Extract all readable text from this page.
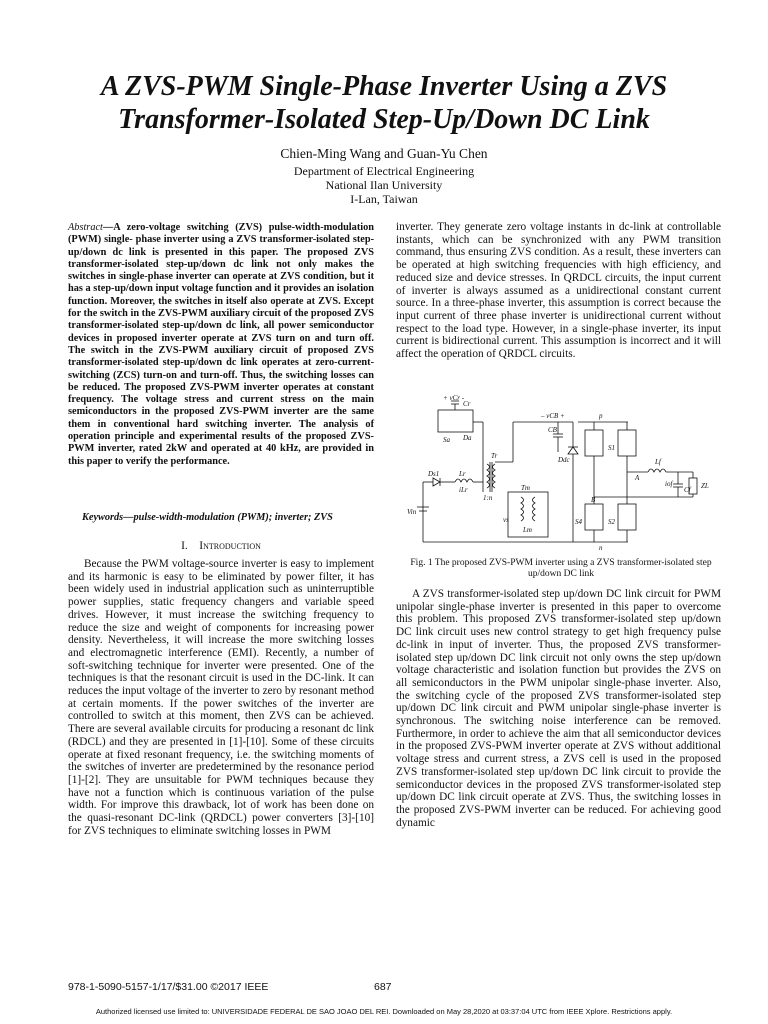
A ZVS-PWM Single-Phase Inverter Using a ZVS Transformer-Isolated Step-Up/Down DC Link
Chien-Ming Wang and Guan-Yu Chen
Department of Electrical Engineering
National Ilan University
I-Lan, Taiwan
Abstract—A zero-voltage switching (ZVS) pulse-width-modulation (PWM) single- phase inverter using a ZVS transformer-isolated step-up/down dc link is presented in this paper. The proposed ZVS transformer-isolated step-up/down dc link not only makes the switches in single-phase inverter can operate at ZVS condition, but it has a step-up/down input voltage function and it provides an isolation function. Moreover, the switches in itself also operate at ZVS. Except for the switch in the ZVS-PWM auxiliary circuit of the proposed ZVS transformer-isolated step-up/down dc link, all power semiconductor devices in proposed inverter operate at ZVS turn on and turn off. The switch in the ZVS-PWM auxiliary circuit of proposed ZVS transformer-isolated step-up/down dc link operates at zero-current-switching (ZCS) turn-on and turn-off. Thus, the switching losses can be reduced. The proposed ZVS-PWM inverter operates at constant frequency. The voltage stress and current stress on the main semiconductors in the proposed ZVS-PWM inverter are the same them in conventional hard switching inverter. The analysis of operation principle and experimental results of the proposed ZVS-PWM inverter, rated 2kW and operated at 40 kHz, are provided in this paper to verify the performance.
Keywords—pulse-width-modulation (PWM); inverter; ZVS
I. Introduction

Because the PWM voltage-source inverter is easy to implement and its harmonic is easy to be eliminated by power filter, it has been widely used in industrial application such as uninterruptible power supplies, static frequency changers and variable speed drives. However, it must increase the switching frequency to reduce the size and weight of components for increasing power density. Nevertheless, it will increase the more switching losses and electromagnetic interference (EMI). Recently, a number of soft-switching technique for inverter were presented. One of the techniques is that the resonant circuit is used in the DC-link. It can reduces the input voltage of the inverter to zero by resonant method at certain moments. If the power switches of the inverter are controlled to switch at this moment, then ZVS can be achieved. There are several available circuits for producing a resonant dc link (RDCL) and they are presented in [1]-[10]. Some of these circuits operate at fixed resonant frequency, i.e. the switching moments of the switches of inverter are predetermined by the resonance period [1]-[2]. They are unsuitable for PWM techniques because they have not a function which is continuous variation of the pulse width. For improve this drawback, lot of work has been done on the quasi-resonant DC-link (QRDCL) power converters [3]-[10] for ZVS techniques to eliminate switching losses in PWM

inverter. They generate zero voltage instants in dc-link at controllable instants, which can be synchronized with any PWM transition command, thus ensuring ZVS condition. As a result, these inverters can be operated at high switching frequencies with high efficiency, and reduced size and device stresses. In QRDCL circuits, the input current of inverter is always assumed as a unidirectional constant current source. In a three-phase inverter, this assumption is correct because the input current of three phase inverter is unidirectional current without respect to the load type. However, in a single-phase inverter, its input current is bidirectional current. This assumption is incorrect and it will affect the operation of QRDCL circuits.

+ vCr -
Cr
Sa Da
Tr
– vCB +
CB
p
Ddc
S1
Lf
A
iof
Cf ZL
Ds1	Lr
iLr
1:n
Tm
vs
Lm
B
S4	S2
Vin
n
Fig. 1 The proposed ZVS-PWM inverter using a ZVS transformer-isolated step up/down DC link

A ZVS transformer-isolated step up/down DC link circuit for PWM unipolar single-phase inverter is presented in this paper to overcome this problem. This proposed ZVS transformer-isolated step up/down DC link circuit uses new control strategy to get high frequency pulse dc-link in input of inverter. Thus, the proposed ZVS transformer-isolated step up/down DC link circuit not only owns the step up/down voltage characteristic and isolation function but provides the ZVS on all semiconductors in the PWM unipolar single-phase inverter. Also, the switching cycle of the proposed ZVS transformer-isolated step up/down DC link circuit and PWM unipolar single-phase inverter is synchronous. The switching noise interference can be removed. Furthermore, in order to achieve the aim that all semiconductor devices in the proposed ZVS-PWM inverter operate at ZVS without additional voltage stress and current stress, a ZVS cell is used in the proposed ZVS transformer-isolated step up/down DC link circuit to provide the semiconductor devices in the proposed ZVS transformer-isolated step up/down DC link circuit operate at ZVS. Thus, the switching losses in the proposed ZVS-PWM inverter can be reduced. For achieving good dynamic

978-1-5090-5157-1/17/$31.00 ©2017 IEEE	687
Authorized licensed use limited to: UNIVERSIDADE FEDERAL DE SAO JOAO DEL REI. Downloaded on May 28,2020 at 03:37:04 UTC from IEEE Xplore. Restrictions apply.
